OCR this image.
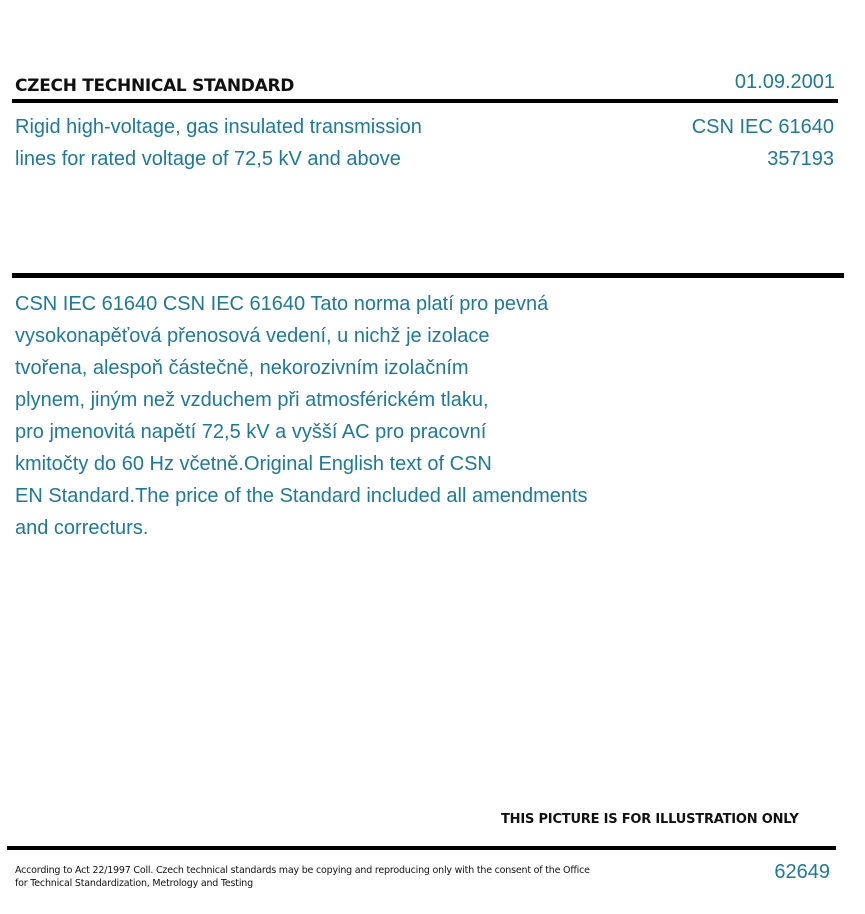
CZECH TECHNICAL STANDARD	01.09.2001
Rigid high-voltage, gas insulated transmission
lines for rated voltage of 72,5 kV and above
CSN IEC 61640
357193

CSN IEC 61640 CSN IEC 61640 Tato norma platí pro pevná

vysokonapěťová přenosová vedení, u nichž je izolace

tvořena, alespoň částečně, nekorozivním izolačním

plynem, jiným než vzduchem při atmosférickém tlaku,

pro jmenovitá napětí 72,5 kV a vyšší AC pro pracovní

kmitočty do 60 Hz včetně.Original English text of CSN

EN Standard.The price of the Standard included all amendments

and correcturs.

THIS PICTURE IS FOR ILLUSTRATION ONLY

According to Act 22/1997 Coll. Czech technical standards may be copying and reproducing only with the consent of the Office

for Technical Standardization, Metrology and Testing

62649
